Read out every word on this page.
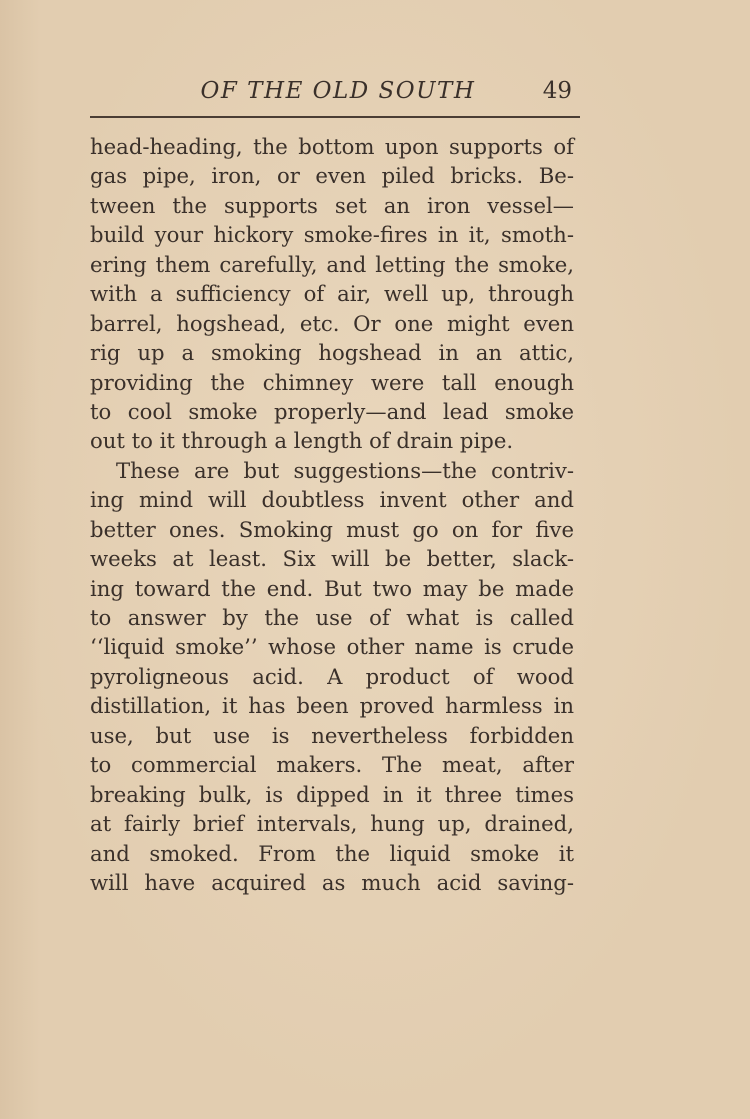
OF THE OLD SOUTH	49
head-heading, the bottom upon supports of
gas pipe, iron, or even piled bricks. Be-
tween the supports set an iron vessel—
build your hickory smoke-fires in it, smoth-
ering them carefully, and letting the smoke,
with a sufficiency of air, well up, through
barrel, hogshead, etc. Or one might even
rig up a smoking hogshead in an attic,
providing the chimney were tall enough
to cool smoke properly—and lead smoke
out to it through a length of drain pipe.
These are but suggestions—the contriv-
ing mind will doubtless invent other and
better ones. Smoking must go on for five
weeks at least. Six will be better, slack-
ing toward the end. But two may be made
to answer by the use of what is called
‘‘liquid smoke’’ whose other name is crude
pyroligneous acid. A product of wood
distillation, it has been proved harmless in
use, but use is nevertheless forbidden
to commercial makers. The meat, after
breaking bulk, is dipped in it three times
at fairly brief intervals, hung up, drained,
and smoked. From the liquid smoke it
will have acquired as much acid saving-
